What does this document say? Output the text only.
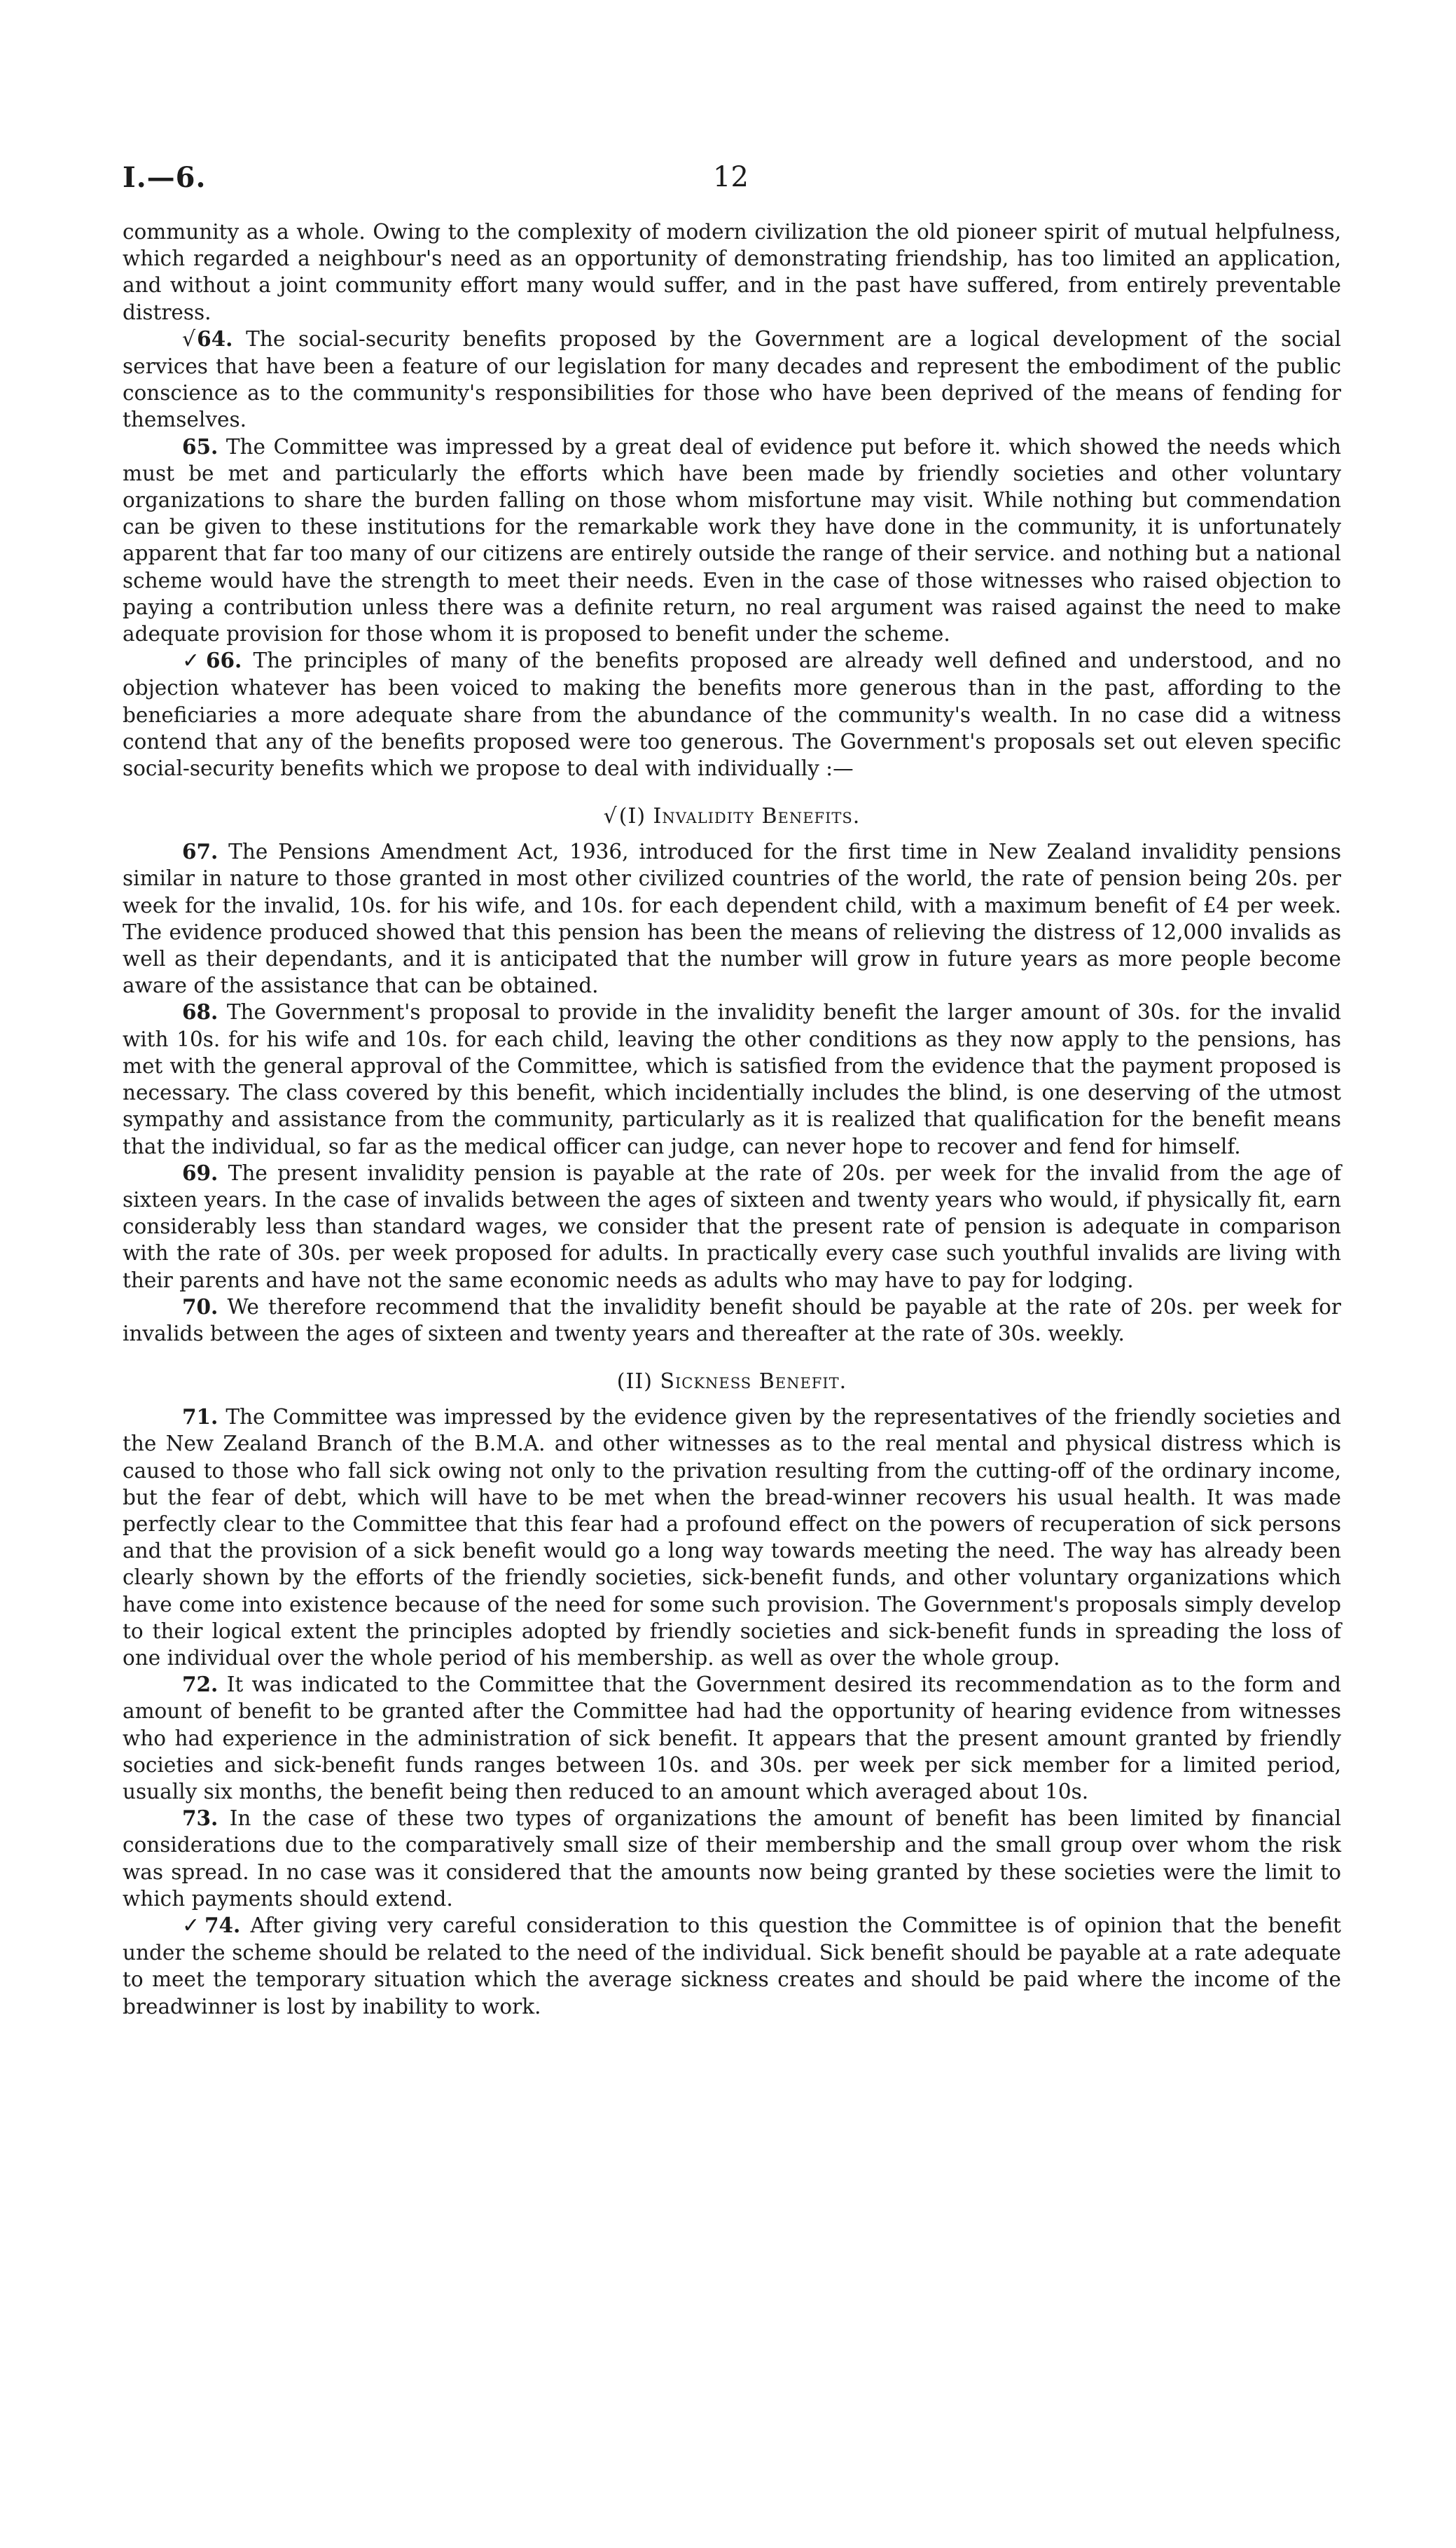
I.—6.	12

community as a whole. Owing to the complexity of modern civilization the old pioneer spirit of mutual helpfulness, which regarded a neighbour's need as an opportunity of demonstrating friendship, has too limited an application, and without a joint community effort many would suffer, and in the past have suffered, from entirely preventable distress.

√64. The social-security benefits proposed by the Government are a logical development of the social services that have been a feature of our legislation for many decades and represent the embodiment of the public conscience as to the community's responsibilities for those who have been deprived of the means of fending for themselves.

65. The Committee was impressed by a great deal of evidence put before it. which showed the needs which must be met and particularly the efforts which have been made by friendly societies and other voluntary organizations to share the burden falling on those whom misfortune may visit. While nothing but commendation can be given to these institutions for the remarkable work they have done in the community, it is unfortunately apparent that far too many of our citizens are entirely outside the range of their service. and nothing but a national scheme would have the strength to meet their needs. Even in the case of those witnesses who raised objection to paying a contribution unless there was a definite return, no real argument was raised against the need to make adequate provision for those whom it is proposed to benefit under the scheme.

✓66. The principles of many of the benefits proposed are already well defined and understood, and no objection whatever has been voiced to making the benefits more generous than in the past, affording to the beneficiaries a more adequate share from the abundance of the community's wealth. In no case did a witness contend that any of the benefits proposed were too generous. The Government's proposals set out eleven specific social-security benefits which we propose to deal with individually :—

√(I) Invalidity Benefits.

67. The Pensions Amendment Act, 1936, introduced for the first time in New Zealand invalidity pensions similar in nature to those granted in most other civilized countries of the world, the rate of pension being 20s. per week for the invalid, 10s. for his wife, and 10s. for each dependent child, with a maximum benefit of £4 per week. The evidence produced showed that this pension has been the means of relieving the distress of 12,000 invalids as well as their dependants, and it is anticipated that the number will grow in future years as more people become aware of the assistance that can be obtained.

68. The Government's proposal to provide in the invalidity benefit the larger amount of 30s. for the invalid with 10s. for his wife and 10s. for each child, leaving the other conditions as they now apply to the pensions, has met with the general approval of the Committee, which is satisfied from the evidence that the payment proposed is necessary. The class covered by this benefit, which incidentially includes the blind, is one deserving of the utmost sympathy and assistance from the community, particularly as it is realized that qualification for the benefit means that the individual, so far as the medical officer can judge, can never hope to recover and fend for himself.

69. The present invalidity pension is payable at the rate of 20s. per week for the invalid from the age of sixteen years. In the case of invalids between the ages of sixteen and twenty years who would, if physically fit, earn considerably less than standard wages, we consider that the present rate of pension is adequate in comparison with the rate of 30s. per week proposed for adults. In practically every case such youthful invalids are living with their parents and have not the same economic needs as adults who may have to pay for lodging.

70. We therefore recommend that the invalidity benefit should be payable at the rate of 20s. per week for invalids between the ages of sixteen and twenty years and thereafter at the rate of 30s. weekly.

(II) Sickness Benefit.

71. The Committee was impressed by the evidence given by the representatives of the friendly societies and the New Zealand Branch of the B.M.A. and other witnesses as to the real mental and physical distress which is caused to those who fall sick owing not only to the privation resulting from the cutting-off of the ordinary income, but the fear of debt, which will have to be met when the bread-winner recovers his usual health. It was made perfectly clear to the Committee that this fear had a profound effect on the powers of recuperation of sick persons and that the provision of a sick benefit would go a long way towards meeting the need. The way has already been clearly shown by the efforts of the friendly societies, sick-benefit funds, and other voluntary organizations which have come into existence because of the need for some such provision. The Government's proposals simply develop to their logical extent the principles adopted by friendly societies and sick-benefit funds in spreading the loss of one individual over the whole period of his membership. as well as over the whole group.

72. It was indicated to the Committee that the Government desired its recommendation as to the form and amount of benefit to be granted after the Committee had had the opportunity of hearing evidence from witnesses who had experience in the administration of sick benefit. It appears that the present amount granted by friendly societies and sick-benefit funds ranges between 10s. and 30s. per week per sick member for a limited period, usually six months, the benefit being then reduced to an amount which averaged about 10s.

73. In the case of these two types of organizations the amount of benefit has been limited by financial considerations due to the comparatively small size of their membership and the small group over whom the risk was spread. In no case was it considered that the amounts now being granted by these societies were the limit to which payments should extend.

✓74. After giving very careful consideration to this question the Committee is of opinion that the benefit under the scheme should be related to the need of the individual. Sick benefit should be payable at a rate adequate to meet the temporary situation which the average sickness creates and should be paid where the income of the breadwinner is lost by inability to work.
